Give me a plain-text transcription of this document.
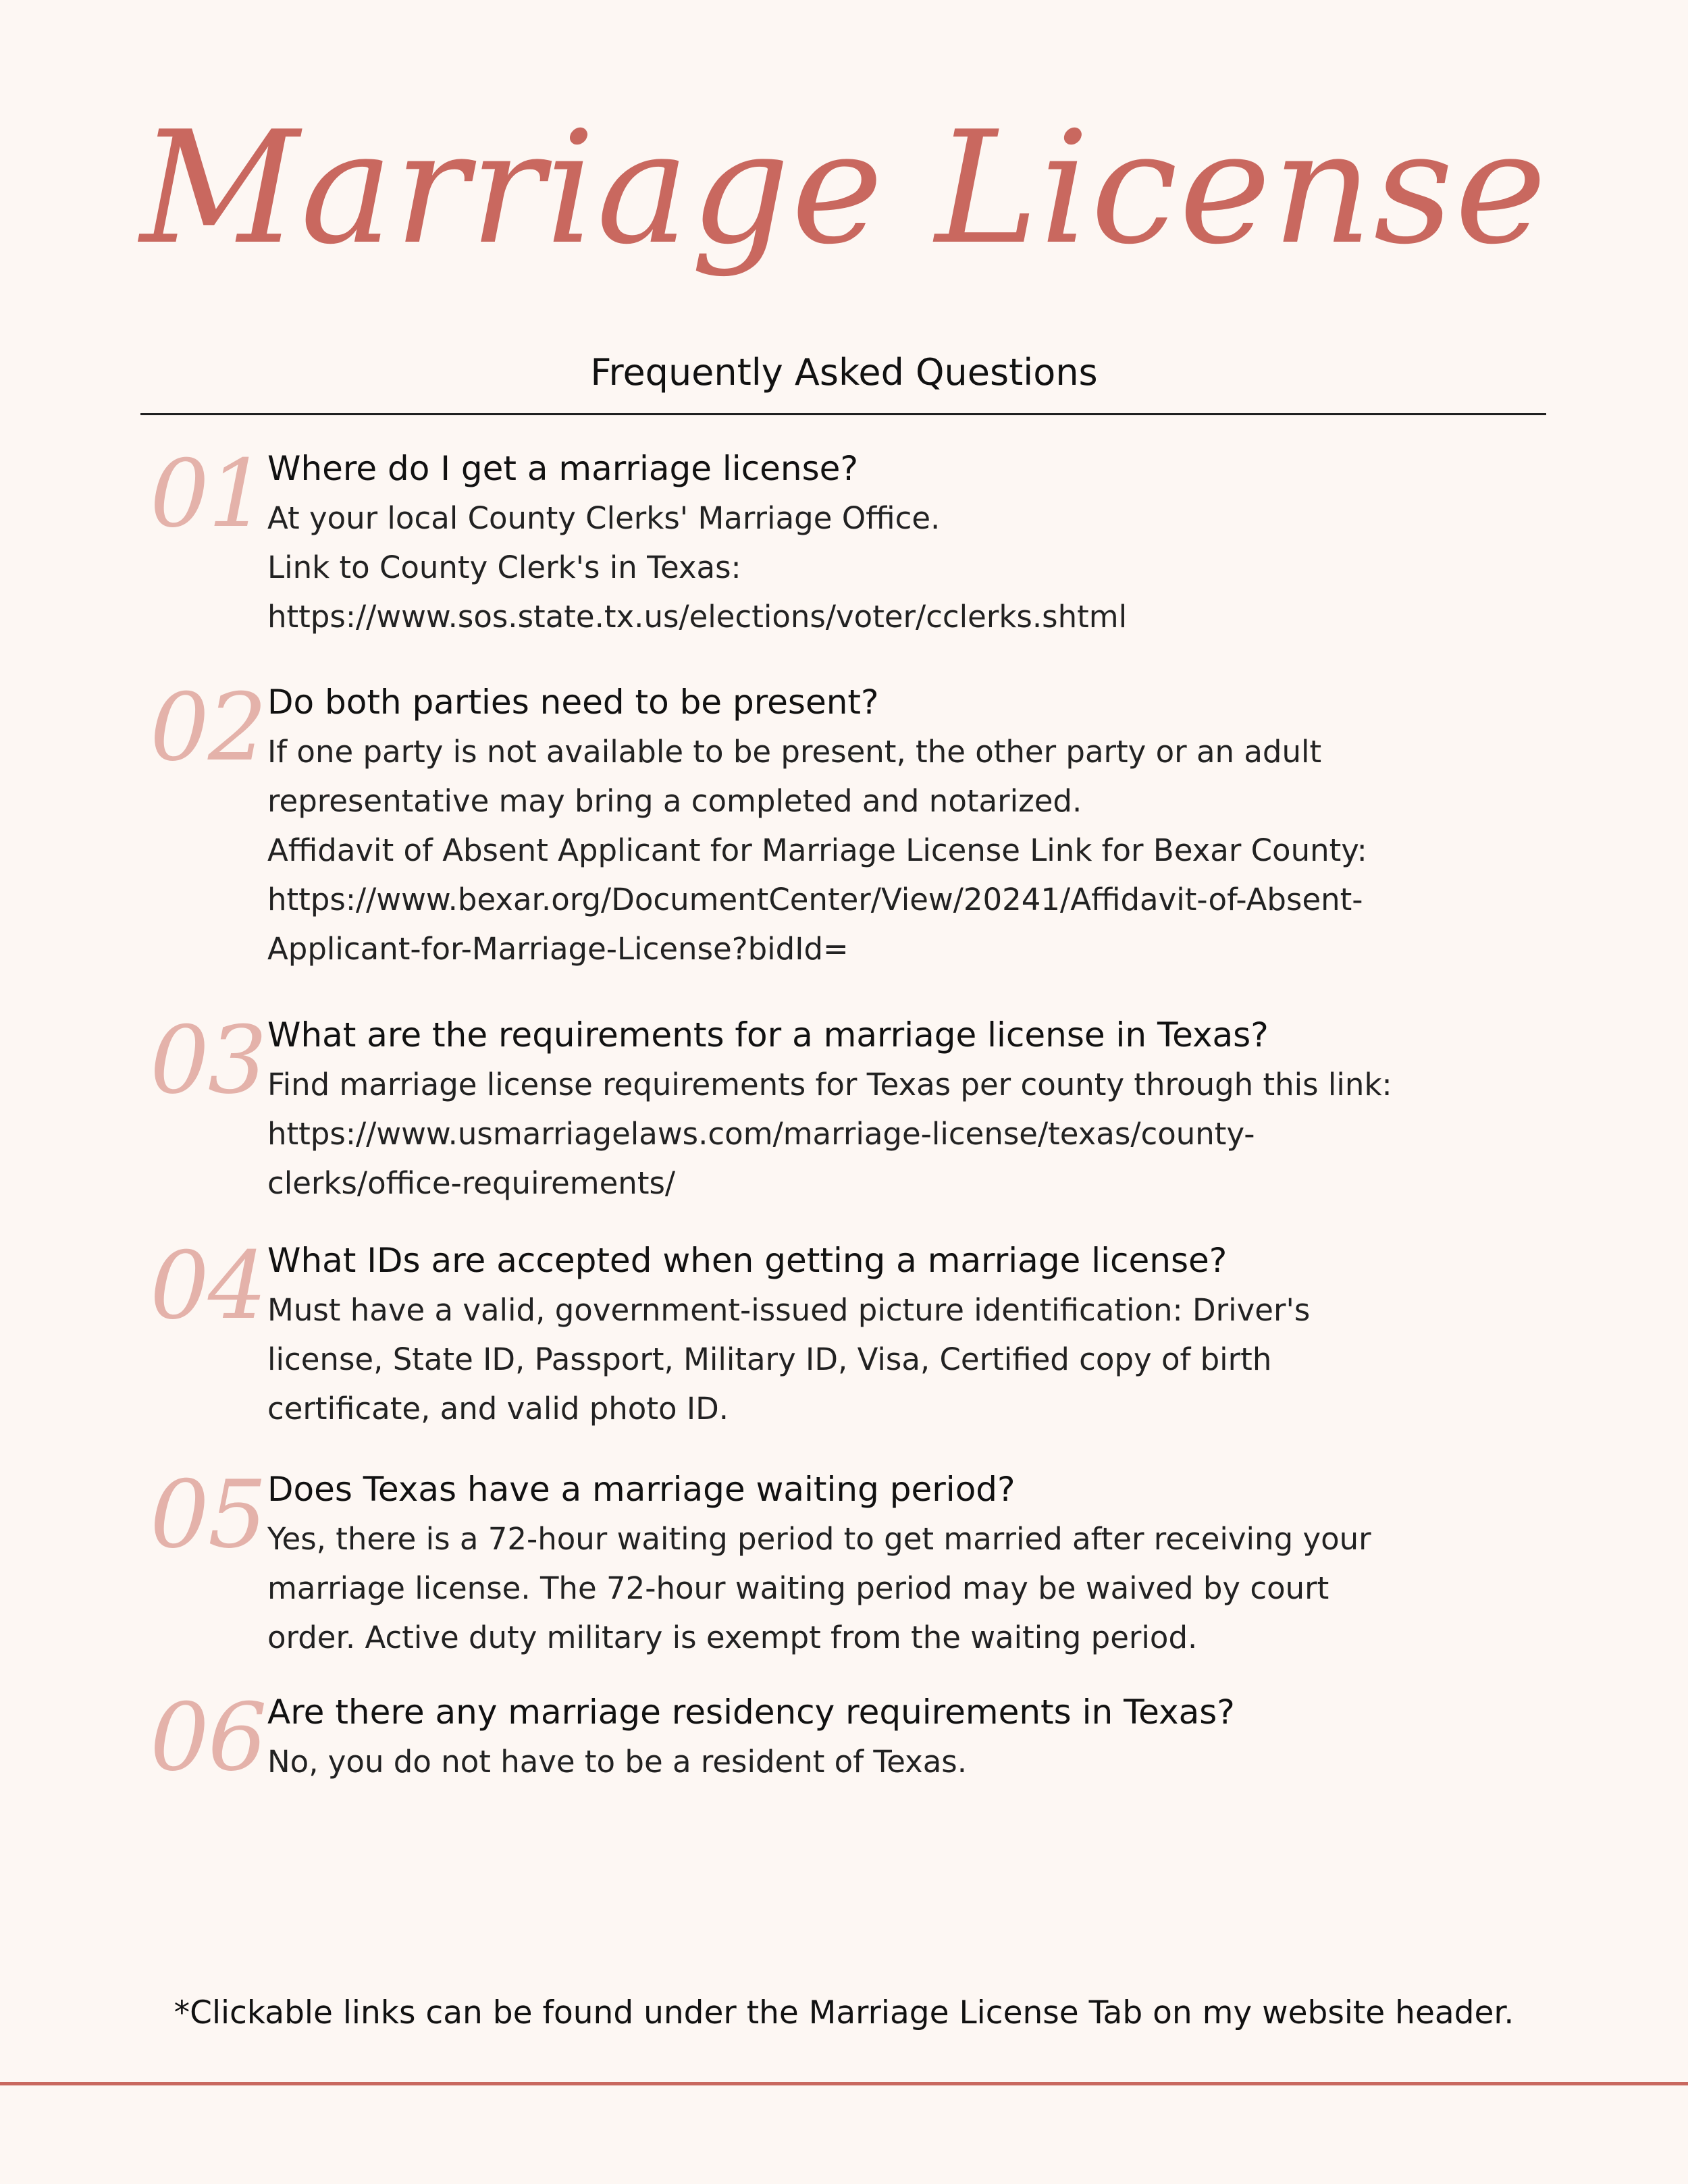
Marriage License
Frequently Asked Questions
01 Where do I get a marriage license?
At your local County Clerks' Marriage Office.
Link to County Clerk's in Texas:
https://www.sos.state.tx.us/elections/voter/cclerks.shtml
02 Do both parties need to be present?
If one party is not available to be present, the other party or an adult
representative may bring a completed and notarized.
Affidavit of Absent Applicant for Marriage License Link for Bexar County:
https://www.bexar.org/DocumentCenter/View/20241/Affidavit-of-Absent-
Applicant-for-Marriage-License?bidId=
03 What are the requirements for a marriage license in Texas?
Find marriage license requirements for Texas per county through this link:
https://www.usmarriagelaws.com/marriage-license/texas/county-
clerks/office-requirements/
04 What IDs are accepted when getting a marriage license?
Must have a valid, government-issued picture identification: Driver's
license, State ID, Passport, Military ID, Visa, Certified copy of birth
certificate, and valid photo ID.
05 Does Texas have a marriage waiting period?
Yes, there is a 72-hour waiting period to get married after receiving your
marriage license. The 72-hour waiting period may be waived by court
order. Active duty military is exempt from the waiting period.
06 Are there any marriage residency requirements in Texas?
No, you do not have to be a resident of Texas.
*Clickable links can be found under the Marriage License Tab on my website header.
